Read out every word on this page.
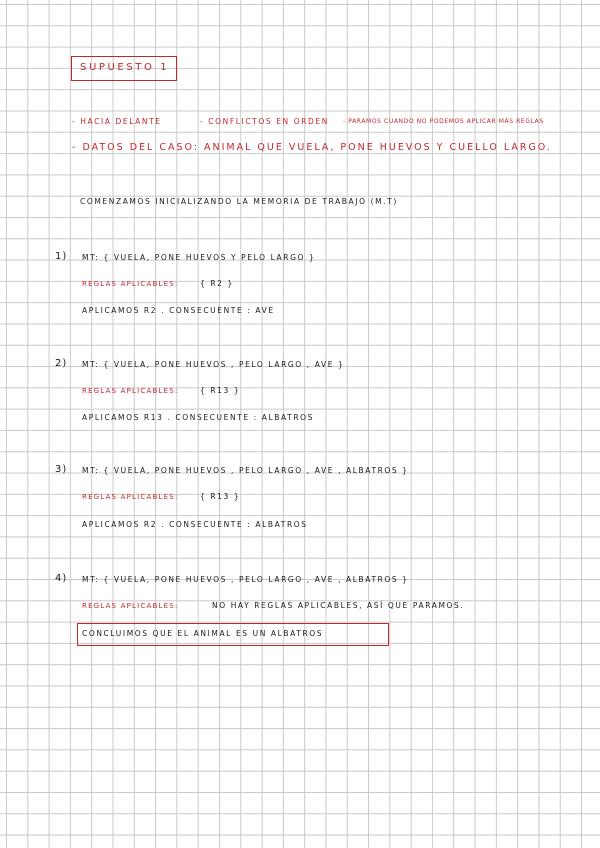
SUPUESTO 1
- HACIA DELANTE	- CONFLICTOS EN ORDEN - PARAMOS CUANDO NO PODEMOS APLICAR MÁS REGLAS
- DATOS DEL CASO: ANIMAL QUE VUELA, PONE HUEVOS Y CUELLO LARGO.
COMENZAMOS INICIALIZANDO LA MEMORIA DE TRABAJO (M.T)
1) MT: { VUELA, PONE HUEVOS Y PELO LARGO }
REGLAS APLICABLES:	{ R2 }
APLICAMOS R2 . CONSECUENTE : AVE
2) MT: { VUELA, PONE HUEVOS , PELO LARGO , AVE }
REGLAS APLICABLES:	{ R13 }
APLICAMOS R13 . CONSECUENTE : ALBATROS
3) MT: { VUELA, PONE HUEVOS , PELO LARGO , AVE , ALBATROS }
REGLAS APLICABLES:	{ R13 }
APLICAMOS R2 . CONSECUENTE : ALBATROS
4) MT: { VUELA, PONE HUEVOS , PELO LARGO , AVE , ALBATROS }
REGLAS APLICABLES:	NO HAY REGLAS APLICABLES, ASÍ QUE PARAMOS.
CONCLUIMOS QUE EL ANIMAL ES UN ALBATROS
